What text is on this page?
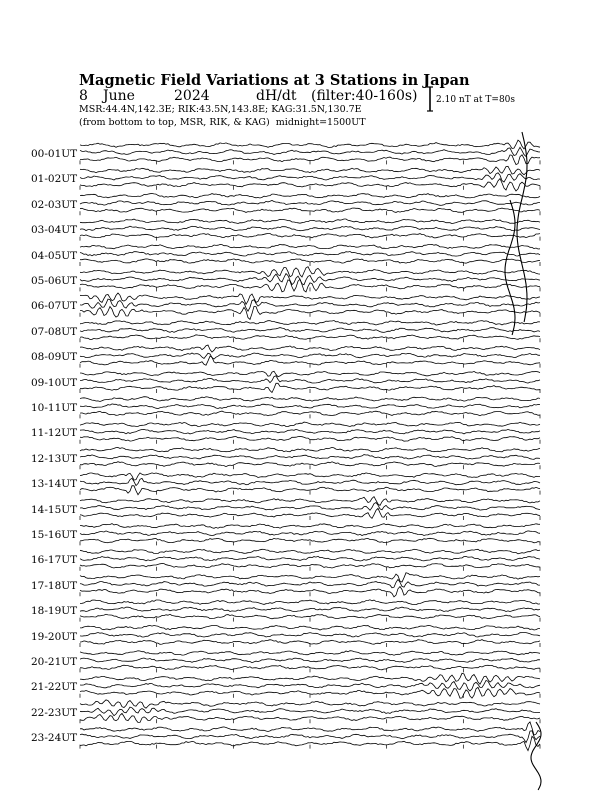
Magnetic Field Variations at 3 Stations in Japan
8 June	2024	dH/dt (filter:40-160s)
MSR:44.4N,142.3E; RIK:43.5N,143.8E; KAG:31.5N,130.7E
(from bottom to top, MSR, RIK, & KAG) midnight=1500UT
2.10 nT at T=80s
00-01UT
01-02UT
02-03UT
03-04UT
04-05UT
05-06UT
06-07UT
07-08UT
08-09UT
09-10UT
10-11UT
11-12UT
12-13UT
13-14UT
14-15UT
15-16UT
16-17UT
17-18UT
18-19UT
19-20UT
20-21UT
21-22UT
22-23UT
23-24UT
